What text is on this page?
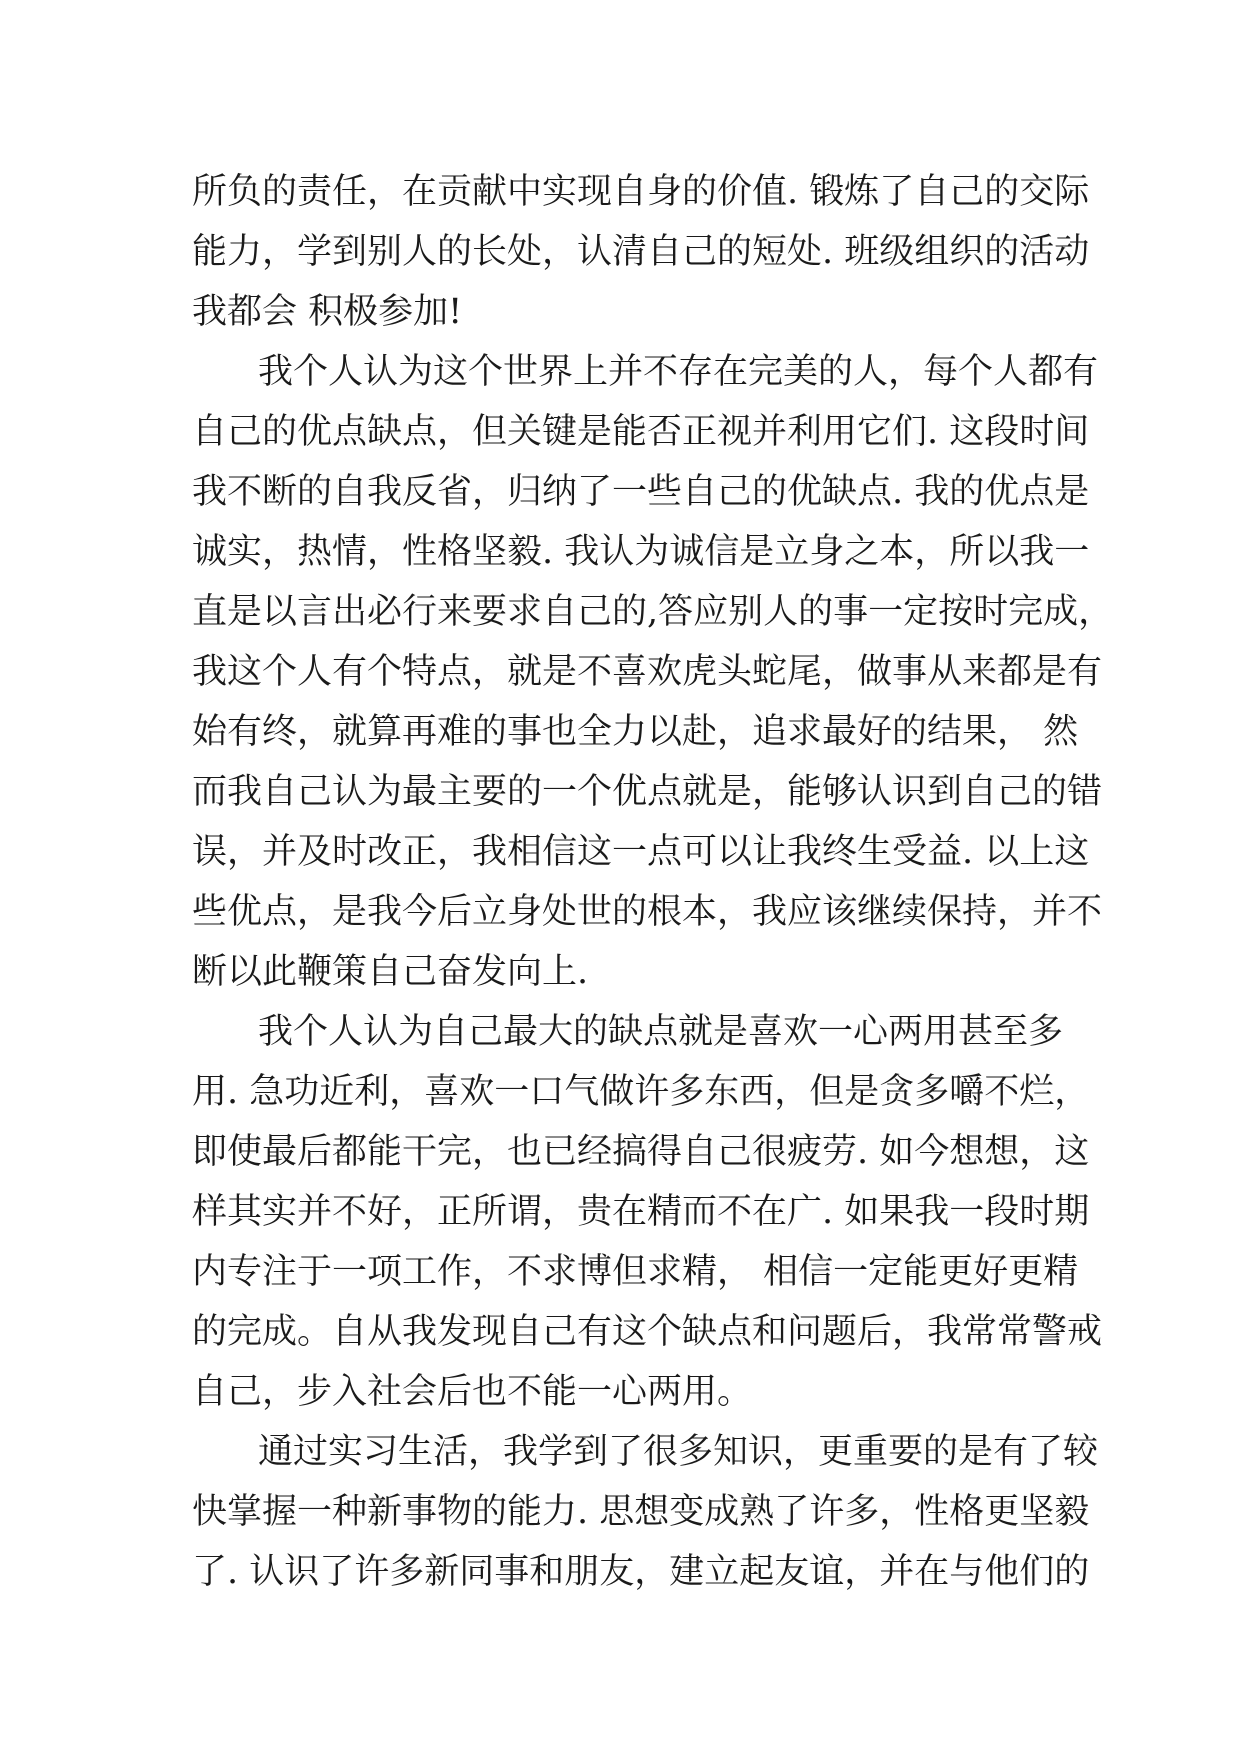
所负的责任，在贡献中实现自身的价值. 锻炼了自己的交际
能力，学到别人的长处，认清自己的短处. 班级组织的活动
我都会 积极参加!
我个人认为这个世界上并不存在完美的人，每个人都有
自己的优点缺点，但关键是能否正视并利用它们. 这段时间
我不断的自我反省，归纳了一些自己的优缺点. 我的优点是
诚实，热情，性格坚毅. 我认为诚信是立身之本，所以我一
直是以言出必行来要求自己的,答应别人的事一定按时完成，
我这个人有个特点，就是不喜欢虎头蛇尾，做事从来都是有
始有终，就算再难的事也全力以赴，追求最好的结果， 然
而我自己认为最主要的一个优点就是，能够认识到自己的错
误，并及时改正，我相信这一点可以让我终生受益. 以上这
些优点，是我今后立身处世的根本，我应该继续保持，并不
断以此鞭策自己奋发向上.
我个人认为自己最大的缺点就是喜欢一心两用甚至多
用. 急功近利，喜欢一口气做许多东西，但是贪多嚼不烂，
即使最后都能干完，也已经搞得自己很疲劳. 如今想想，这
样其实并不好，正所谓，贵在精而不在广. 如果我一段时期
内专注于一项工作，不求博但求精， 相信一定能更好更精
的完成。自从我发现自己有这个缺点和问题后，我常常警戒
自己，步入社会后也不能一心两用。
通过实习生活，我学到了很多知识，更重要的是有了较
快掌握一种新事物的能力. 思想变成熟了许多，性格更坚毅
了. 认识了许多新同事和朋友，建立起友谊，并在与他们的
